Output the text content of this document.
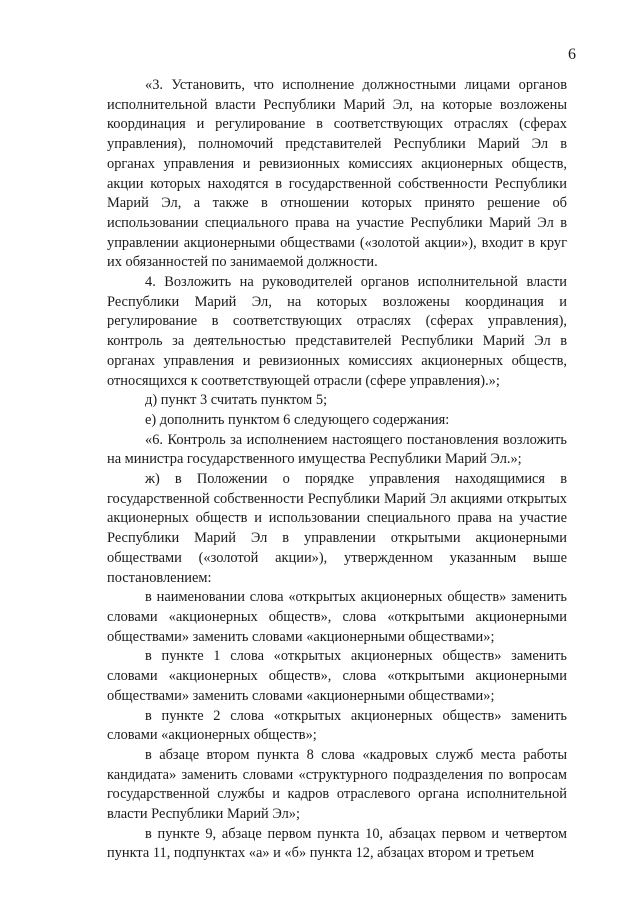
6

«3. Установить, что исполнение должностными лицами органов исполнительной власти Республики Марий Эл, на которые возложены координация и регулирование в соответствующих отраслях (сферах управления), полномочий представителей Республики Марий Эл в органах управления и ревизионных комиссиях акционерных обществ, акции которых находятся в государственной собственности Республики Марий Эл, а также в отношении которых принято решение об использовании специального права на участие Республики Марий Эл в управлении акционерными обществами («золотой акции»), входит в круг их обязанностей по занимаемой должности.

4. Возложить на руководителей органов исполнительной власти Республики Марий Эл, на которых возложены координация и регулирование в соответствующих отраслях (сферах управления), контроль за деятельностью представителей Республики Марий Эл в органах управления и ревизионных комиссиях акционерных обществ, относящихся к соответствующей отрасли (сфере управления).»;

д) пункт 3 считать пунктом 5;

е) дополнить пунктом 6 следующего содержания:

«6. Контроль за исполнением настоящего постановления возложить на министра государственного имущества Республики Марий Эл.»;

ж) в Положении о порядке управления находящимися в государственной собственности Республики Марий Эл акциями открытых акционерных обществ и использовании специального права на участие Республики Марий Эл в управлении открытыми акционерными обществами («золотой акции»), утвержденном указанным выше постановлением:

в наименовании слова «открытых акционерных обществ» заменить словами «акционерных обществ», слова «открытыми акционерными обществами» заменить словами «акционерными обществами»;

в пункте 1 слова «открытых акционерных обществ» заменить словами «акционерных обществ», слова «открытыми акционерными обществами» заменить словами «акционерными обществами»;

в пункте 2 слова «открытых акционерных обществ» заменить словами «акционерных обществ»;

в абзаце втором пункта 8 слова «кадровых служб места работы кандидата» заменить словами «структурного подразделения по вопросам государственной службы и кадров отраслевого органа исполнительной власти Республики Марий Эл»;

в пункте 9, абзаце первом пункта 10, абзацах первом и четвертом пункта 11, подпунктах «а» и «б» пункта 12, абзацах втором и третьем
